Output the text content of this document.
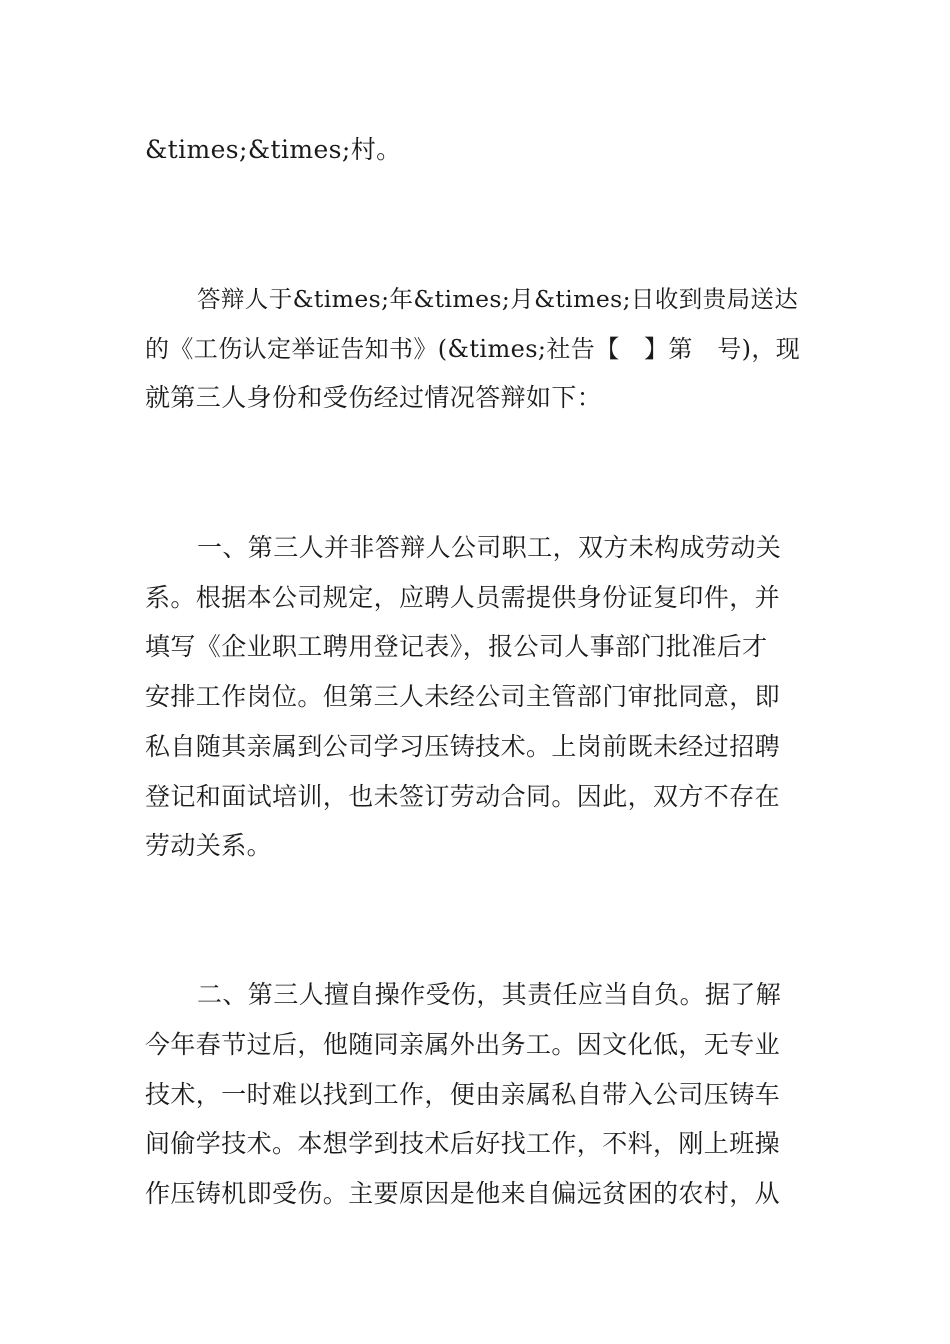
&times;&times;村。
答辩人于&times;年&times;月&times;日收到贵局送达
的《工伤认定举证告知书》(&times;社告【　】第　号)，现
就第三人身份和受伤经过情况答辩如下：
一、第三人并非答辩人公司职工，双方未构成劳动关
系。根据本公司规定，应聘人员需提供身份证复印件，并
填写《企业职工聘用登记表》，报公司人事部门批准后才
安排工作岗位。但第三人未经公司主管部门审批同意，即
私自随其亲属到公司学习压铸技术。上岗前既未经过招聘
登记和面试培训，也未签订劳动合同。因此，双方不存在
劳动关系。
二、第三人擅自操作受伤，其责任应当自负。据了解
今年春节过后，他随同亲属外出务工。因文化低，无专业
技术，一时难以找到工作，便由亲属私自带入公司压铸车
间偷学技术。本想学到技术后好找工作，不料，刚上班操
作压铸机即受伤。主要原因是他来自偏远贫困的农村，从
